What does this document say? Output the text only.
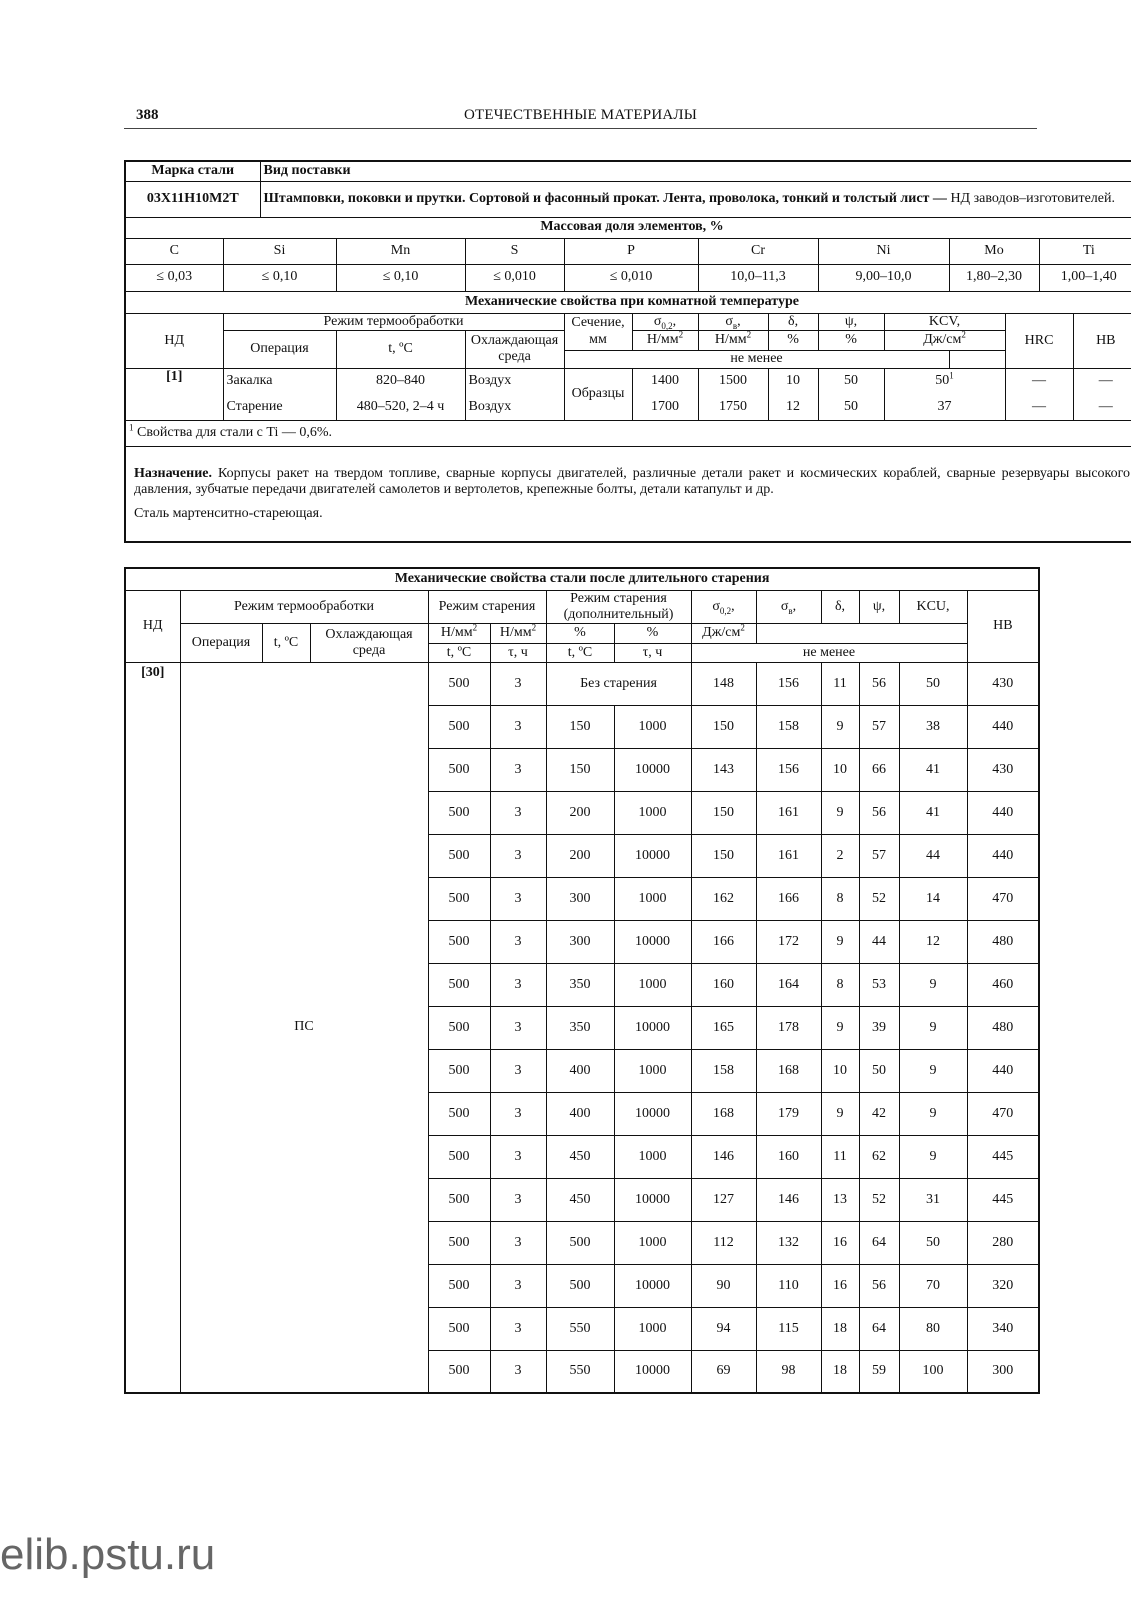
388	ОТЕЧЕСТВЕННЫЕ МАТЕРИАЛЫ
Марка стали		Вид поставки												
03Х11Н10М2Т		Штамповки, поковки и прутки. Сортовой и фасонный прокат. Лента, проволока, тонкий и толстый лист — НД заводов–изготовителей.												
Массовая доля элементов, %														
C	Si		Mn	S	P		Cr		Ni		Mo		Ti	
≤ 0,03	≤ 0,10		≤ 0,10	≤ 0,010	≤ 0,010		10,0–11,3		9,00–10,0		1,80–2,30		1,00–1,40	
Механические свойства при комнатной температуре														
НД	Режим термообработки				Сечение, мм	$\sigma_{0,2}$,	$\sigma_в$,	δ,	ψ,	KCV,		HRC		НВ
	Операция		t, ºС	Охлаждающая среда		$Н/мм^2$	$Н/мм^2$	%	%	$Дж/см^2$
					не менее									
[1]	Закалка		820–840	Воздух	Образцы	1400	1500	10	50	$50^1$		—		—
	Старение		480–520, 2–4 ч	Воздух		1700	1750	12	50	37		—		—
$^1$ Свойства для стали с Ti — 0,6%.														

Назначение. Корпусы ракет на твердом топливе, сварные корпусы двигателей, различные детали ракет и космических кораблей, сварные резервуары высокого давления, зубчатые передачи двигателей самолетов и вертолетов, крепежные болты, детали катапульт и др.
Сталь мартенситно-стареющая.														
Механические свойства стали после длительного старения													
НД	Режим термообработки			Режим старения		Режим старения (дополнительный)		$\sigma_{0,2}$,	$\sigma_в$,	δ,	ψ,	KCU,	НВ
	Операция	t, ºС	Охлаждающая среда	$Н/мм^2$	$Н/мм^2$	%	%	$Дж/см^2$
				t, ºС	τ, ч	t, ºС	τ, ч	не менее					
[30]	ПС			500	3	Без старения		148	156	11	56	50	430
				500	3	150	1000	150	158	9	57	38	440
				500	3	150	10000	143	156	10	66	41	430
				500	3	200	1000	150	161	9	56	41	440
				500	3	200	10000	150	161	2	57	44	440
				500	3	300	1000	162	166	8	52	14	470
				500	3	300	10000	166	172	9	44	12	480
				500	3	350	1000	160	164	8	53	9	460
				500	3	350	10000	165	178	9	39	9	480
				500	3	400	1000	158	168	10	50	9	440
				500	3	400	10000	168	179	9	42	9	470
				500	3	450	1000	146	160	11	62	9	445
				500	3	450	10000	127	146	13	52	31	445
				500	3	500	1000	112	132	16	64	50	280
				500	3	500	10000	90	110	16	56	70	320
				500	3	550	1000	94	115	18	64	80	340
				500	3	550	10000	69	98	18	59	100	300
elib.pstu.ru
